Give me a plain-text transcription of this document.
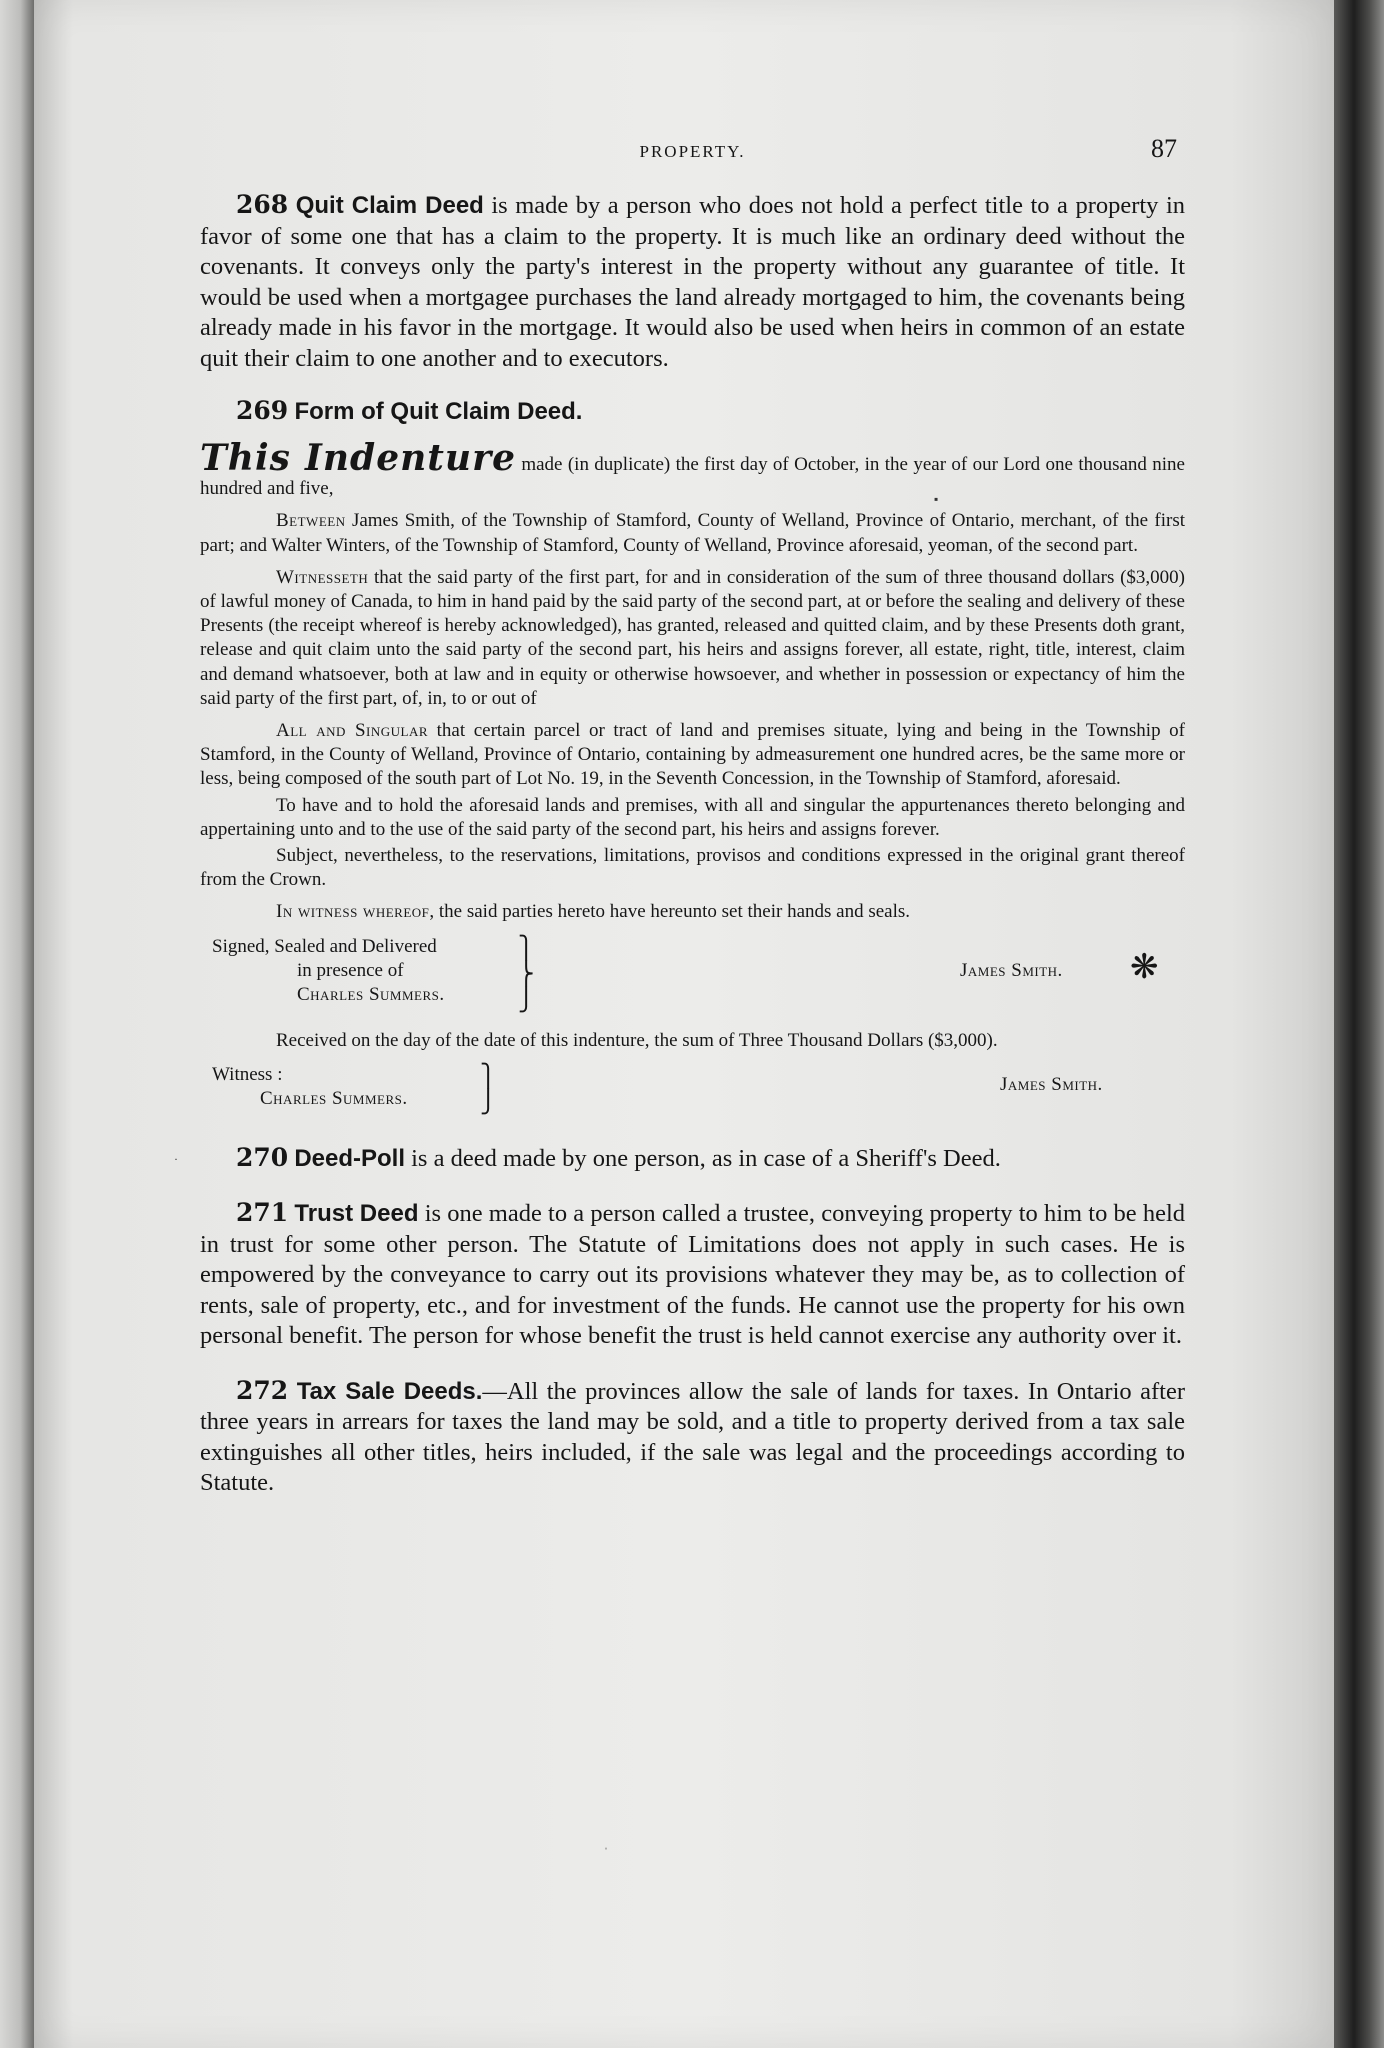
▪
·
ˈ
PROPERTY.	87

268 Quit Claim Deed is made by a person who does not hold a perfect title to a property in favor of some one that has a claim to the property. It is much like an ordinary deed without the covenants. It conveys only the party's interest in the property without any guarantee of title. It would be used when a mortgagee purchases the land already mortgaged to him, the covenants being already made in his favor in the mortgage. It would also be used when heirs in common of an estate quit their claim to one another and to executors.

269 Form of Quit Claim Deed.

This Indenture made (in duplicate) the first day of October, in the year of our Lord one thousand nine hundred and five,

Between James Smith, of the Township of Stamford, County of Welland, Province of Ontario, merchant, of the first part; and Walter Winters, of the Township of Stamford, County of Welland, Province aforesaid, yeoman, of the second part.

Witnesseth that the said party of the first part, for and in consideration of the sum of three thousand dollars ($3,000) of lawful money of Canada, to him in hand paid by the said party of the second part, at or before the sealing and delivery of these Presents (the receipt whereof is hereby acknowledged), has granted, released and quitted claim, and by these Presents doth grant, release and quit claim unto the said party of the second part, his heirs and assigns forever, all estate, right, title, interest, claim and demand whatsoever, both at law and in equity or otherwise howsoever, and whether in possession or expectancy of him the said party of the first part, of, in, to or out of

All and Singular that certain parcel or tract of land and premises situate, lying and being in the Township of Stamford, in the County of Welland, Province of Ontario, containing by admeasurement one hundred acres, be the same more or less, being composed of the south part of Lot No. 19, in the Seventh Concession, in the Township of Stamford, aforesaid.

To have and to hold the aforesaid lands and premises, with all and singular the appurtenances thereto belonging and appertaining unto and to the use of the said party of the second part, his heirs and assigns forever.

Subject, nevertheless, to the reservations, limitations, provisos and conditions expressed in the original grant thereof from the Crown.

In witness whereof, the said parties hereto have hereunto set their hands and seals.

Signed, Sealed and Delivered
in presence of
Charles Summers.
⎫
⎬
⎭
James Smith. ❋

Received on the day of the date of this indenture, the sum of Three Thousand Dollars ($3,000).

Witness :
Charles Summers.
⎫
⎭
James Smith.

270 Deed-Poll is a deed made by one person, as in case of a Sheriff's Deed.

271 Trust Deed is one made to a person called a trustee, conveying property to him to be held in trust for some other person. The Statute of Limitations does not apply in such cases. He is empowered by the conveyance to carry out its provisions whatever they may be, as to collection of rents, sale of property, etc., and for investment of the funds. He cannot use the property for his own personal benefit. The person for whose benefit the trust is held cannot exercise any authority over it.

272 Tax Sale Deeds.—All the provinces allow the sale of lands for taxes. In Ontario after three years in arrears for taxes the land may be sold, and a title to property derived from a tax sale extinguishes all other titles, heirs included, if the sale was legal and the proceedings according to Statute.
